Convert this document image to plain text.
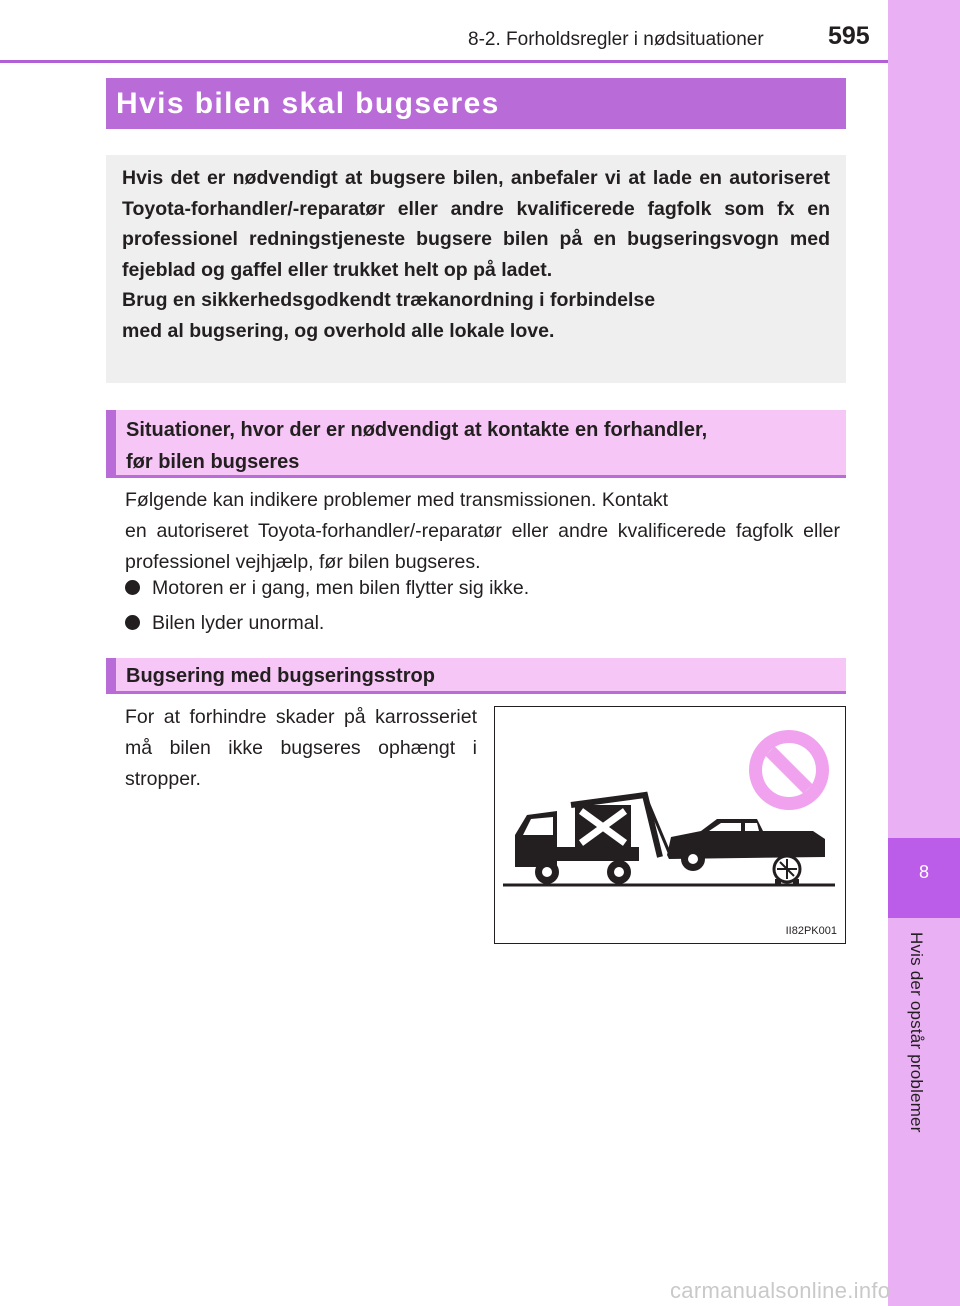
8
Hvis der opstår problemer
8-2. Forholdsregler i nødsituationer	595
Hvis bilen skal bugseres

Hvis det er nødvendigt at bugsere bilen, anbefaler vi at lade en autoriseret Toyota-forhandler/-reparatør eller andre kvalificerede fagfolk som fx en professionel redningstjeneste bugsere bilen på en bugseringsvogn med fejeblad og gaffel eller trukket helt op på ladet.

Brug en sikkerhedsgodkendt trækanordning i forbindelse
med al bugsering, og overhold alle lokale love.
Situationer, hvor der er nødvendigt at kontakte en forhandler,
før bilen bugseres

Følgende kan indikere problemer med transmissionen. Kontakt

en autoriseret Toyota-forhandler/-reparatør eller andre kvalificerede fagfolk eller professionel vejhjælp, før bilen bugseres.

Motoren er i gang, men bilen flytter sig ikke.
Bilen lyder unormal.
Bugsering med bugseringsstrop
For at forhindre skader på karrosseriet må bilen ikke bugseres ophængt i stropper.
II82PK001
carmanualsonline.info
